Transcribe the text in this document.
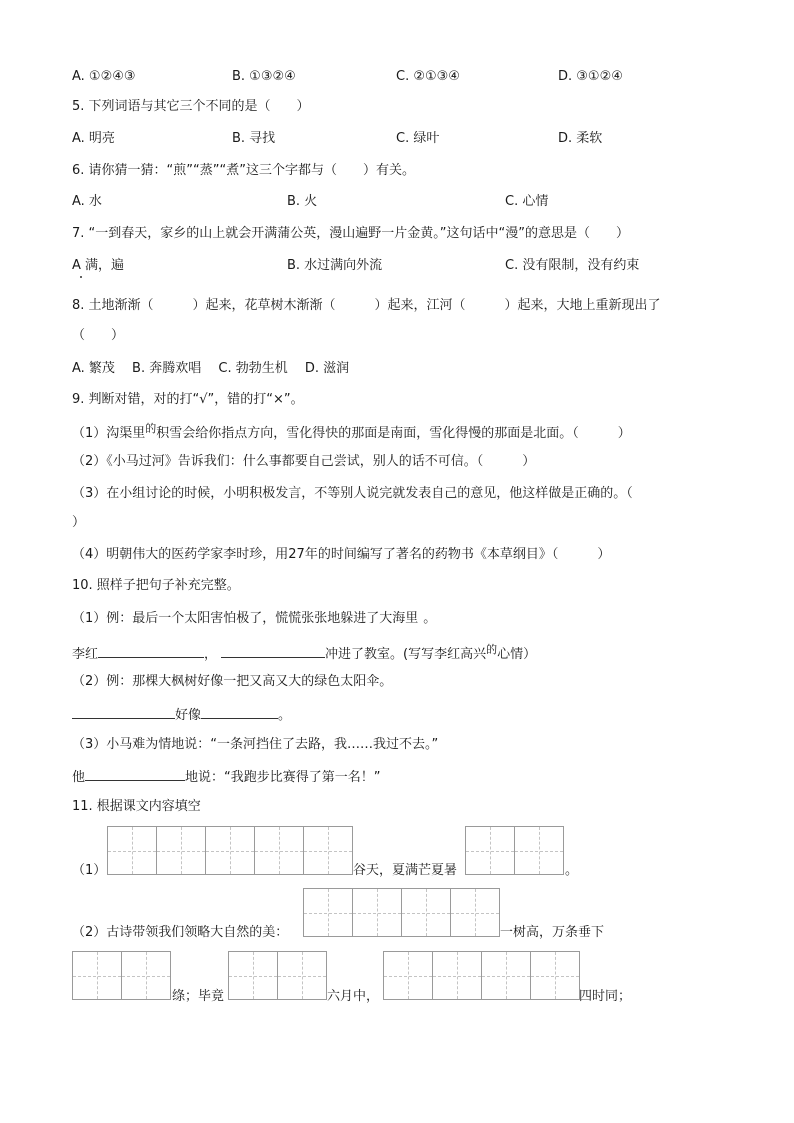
A. ①②④③	B. ①③②④	C. ②①③④	D. ③①②④
5. 下列词语与其它三个不同的是（　　）
A. 明亮	B. 寻找	C. 绿叶	D. 柔软
6. 请你猜一猜：“煎”“蒸”“煮”这三个字都与（　　）有关。
A. 水	B. 火	C. 心情
7. “一到春天，家乡的山上就会开满蒲公英，漫山遍野一片金黄。”这句话中“漫”的意思是（　　）
A 满，遍	B. 水过满向外流	C. 没有限制，没有约束
8. 土地渐渐（　　　）起来，花草树木渐渐（　　　）起来，江河（　　　）起来，大地上重新现出了
（　　）
A. 繁茂　 B. 奔腾欢唱　 C. 勃勃生机　 D. 滋润
9. 判断对错，对的打“√”，错的打“×”。
（1）沟渠里$^的$积雪会给你指点方向，雪化得快的那面是南面，雪化得慢的那面是北面。（　　　）
（2）《小马过河》告诉我们：什么事都要自己尝试，别人的话不可信。（　　　）
（3）在小组讨论的时候，小明积极发言，不等别人说完就发表自己的意见，他这样做是正确的。（
）
（4）明朝伟大的医药学家李时珍，用27年的时间编写了著名的药物书《本草纲目》（　　　）
10. 照样子把句子补充完整。
（1）例：最后一个太阳害怕极了，慌慌张张地躲进了大海里 。
李红	，	冲进了教室。(写写李红高兴$^的$心情）
（2）例：那棵大枫树好像一把又高又大的绿色太阳伞。
好像	。
（3）小马难为情地说：“一条河挡住了去路，我……我过不去。”
他	地说：“我跑步比赛得了第一名！”
11. 根据课文内容填空
（1）	谷天，夏满芒夏暑	。
（2）古诗带领我们领略大自然的美：	一树高，万条垂下
绦；毕竟	六月中，	四时同；
